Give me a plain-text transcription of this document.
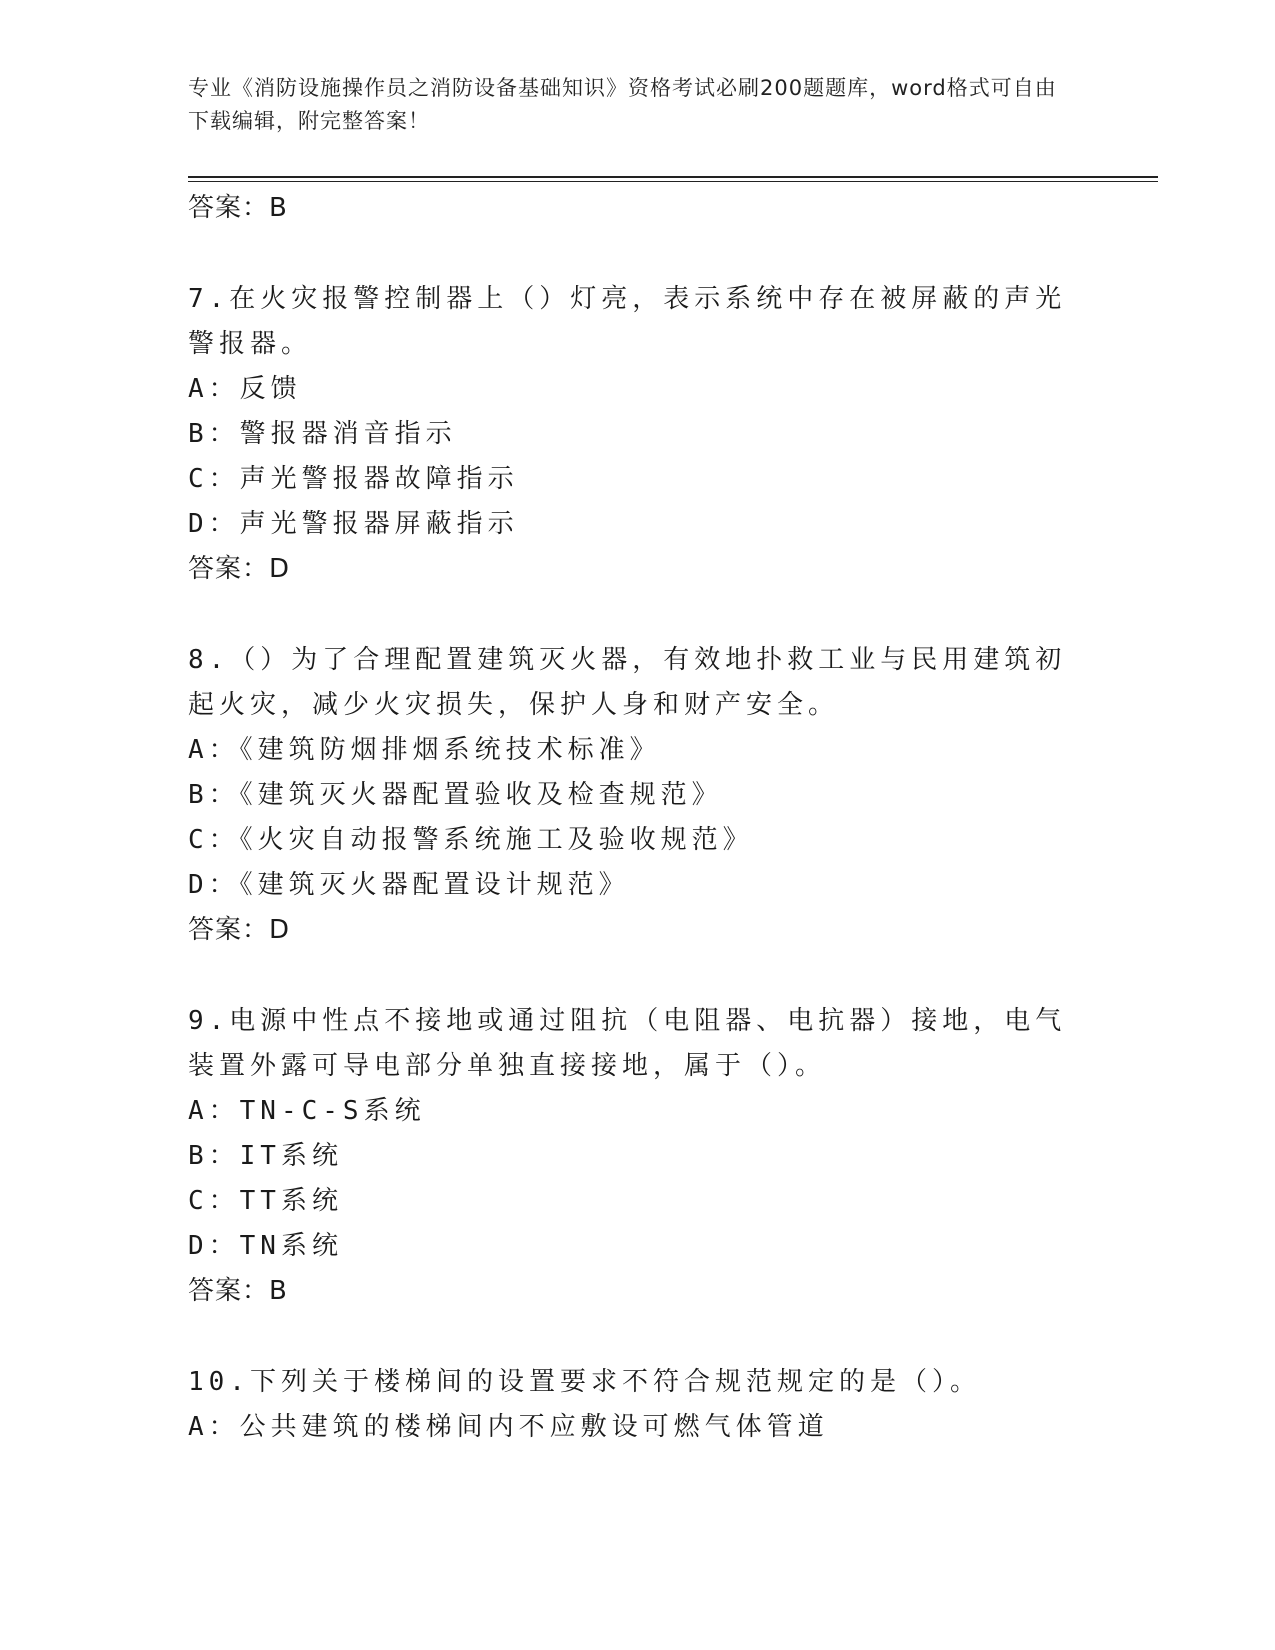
专业《消防设施操作员之消防设备基础知识》资格考试必刷200题题库，word格式可自由下载编辑，附完整答案！

答案：B

7.在火灾报警控制器上（）灯亮，表示系统中存在被屏蔽的声光警报器。

A：反馈

B：警报器消音指示

C：声光警报器故障指示

D：声光警报器屏蔽指示

答案：D

8.（）为了合理配置建筑灭火器，有效地扑救工业与民用建筑初起火灾，减少火灾损失，保护人身和财产安全。

A：《建筑防烟排烟系统技术标准》

B：《建筑灭火器配置验收及检查规范》

C：《火灾自动报警系统施工及验收规范》

D：《建筑灭火器配置设计规范》

答案：D

9.电源中性点不接地或通过阻抗（电阻器、电抗器）接地，电气装置外露可导电部分单独直接接地，属于（）。

A：TN-C-S系统

B：IT系统

C：TT系统

D：TN系统

答案：B

10.下列关于楼梯间的设置要求不符合规范规定的是（）。

A：公共建筑的楼梯间内不应敷设可燃气体管道
